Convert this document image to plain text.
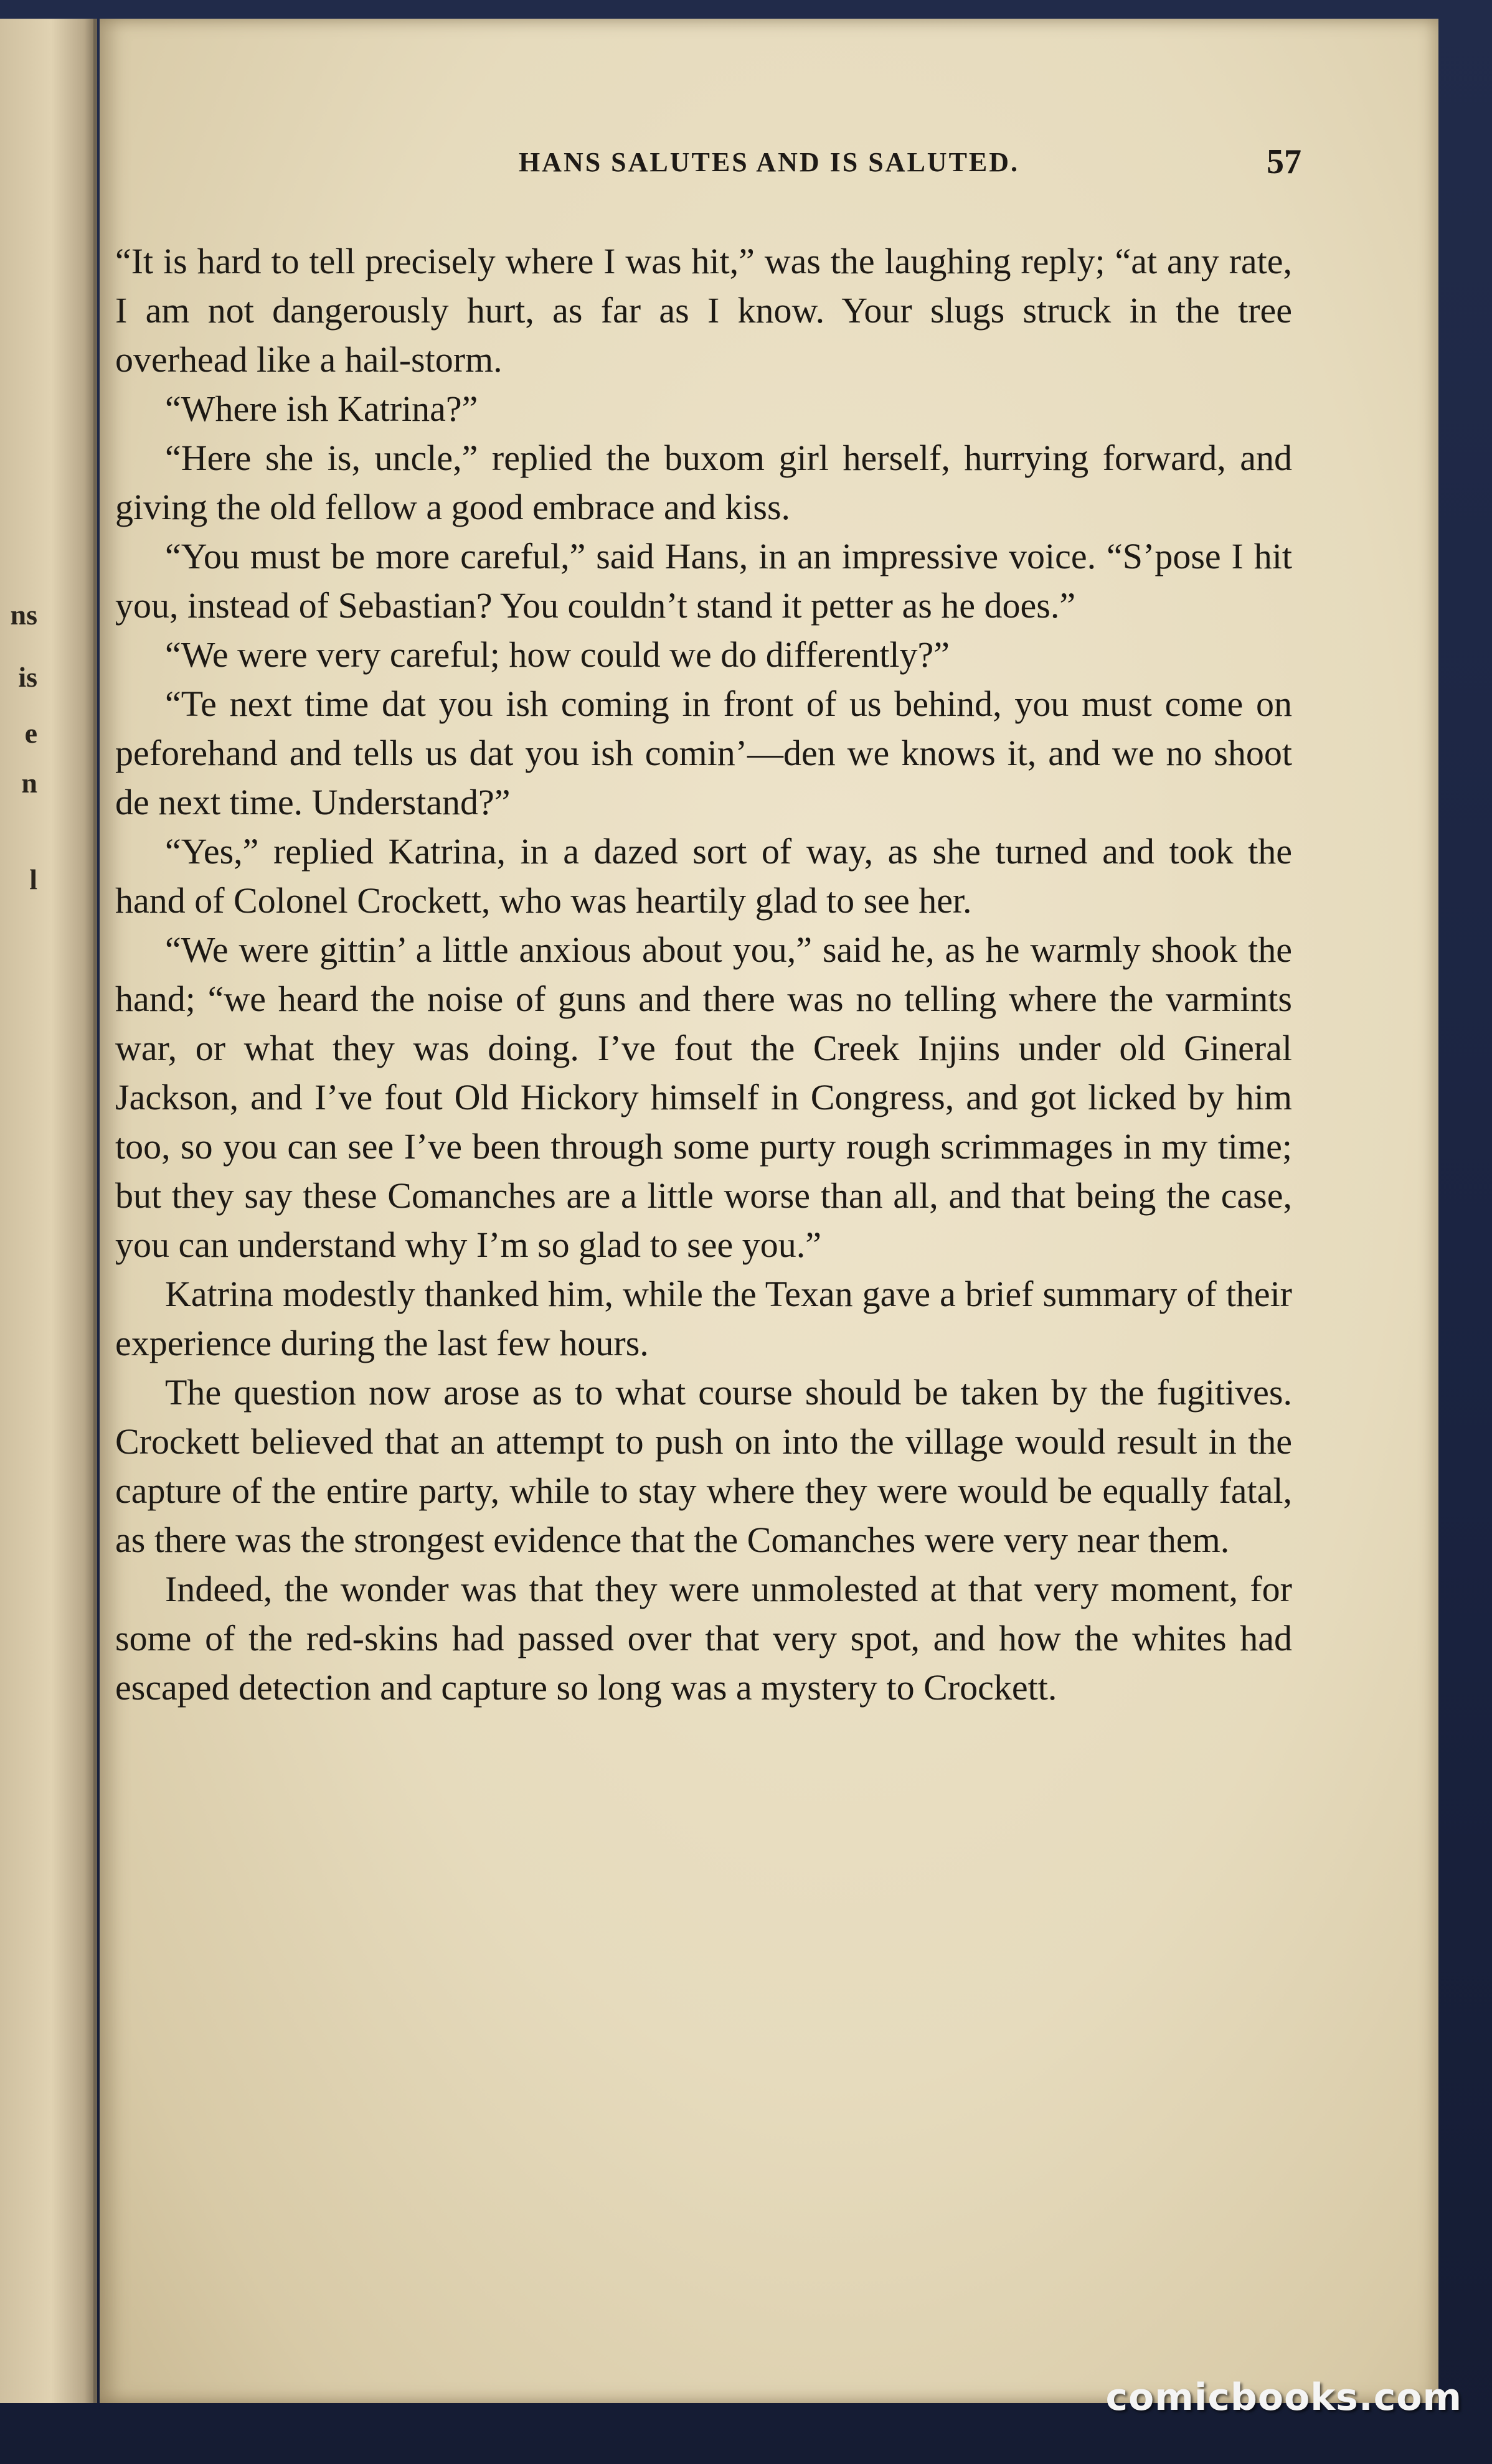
ns
is
e
n
l
HANS SALUTES AND IS SALUTED.	57

“It is hard to tell precisely where I was hit,” was the laughing reply; “at any rate, I am not dangerously hurt, as far as I know. Your slugs struck in the tree overhead like a hail-storm.

“Where ish Katrina?”

“Here she is, uncle,” replied the buxom girl herself, hurrying forward, and giving the old fellow a good embrace and kiss.

“You must be more careful,” said Hans, in an impressive voice. “S’pose I hit you, instead of Sebastian? You couldn’t stand it petter as he does.”

“We were very careful; how could we do differently?”

“Te next time dat you ish coming in front of us behind, you must come on peforehand and tells us dat you ish comin’—den we knows it, and we no shoot de next time. Understand?”

“Yes,” replied Katrina, in a dazed sort of way, as she turned and took the hand of Colonel Crockett, who was heartily glad to see her.

“We were gittin’ a little anxious about you,” said he, as he warmly shook the hand; “we heard the noise of guns and there was no telling where the varmints war, or what they was doing. I’ve fout the Creek Injins under old Gineral Jackson, and I’ve fout Old Hickory himself in Congress, and got licked by him too, so you can see I’ve been through some purty rough scrimmages in my time; but they say these Comanches are a little worse than all, and that being the case, you can understand why I’m so glad to see you.”

Katrina modestly thanked him, while the Texan gave a brief summary of their experience during the last few hours.

The question now arose as to what course should be taken by the fugitives. Crockett believed that an attempt to push on into the village would result in the capture of the entire party, while to stay where they were would be equally fatal, as there was the strongest evidence that the Comanches were very near them.

Indeed, the wonder was that they were unmolested at that very moment, for some of the red-skins had passed over that very spot, and how the whites had escaped detection and capture so long was a mystery to Crockett.

comicbooks.com
